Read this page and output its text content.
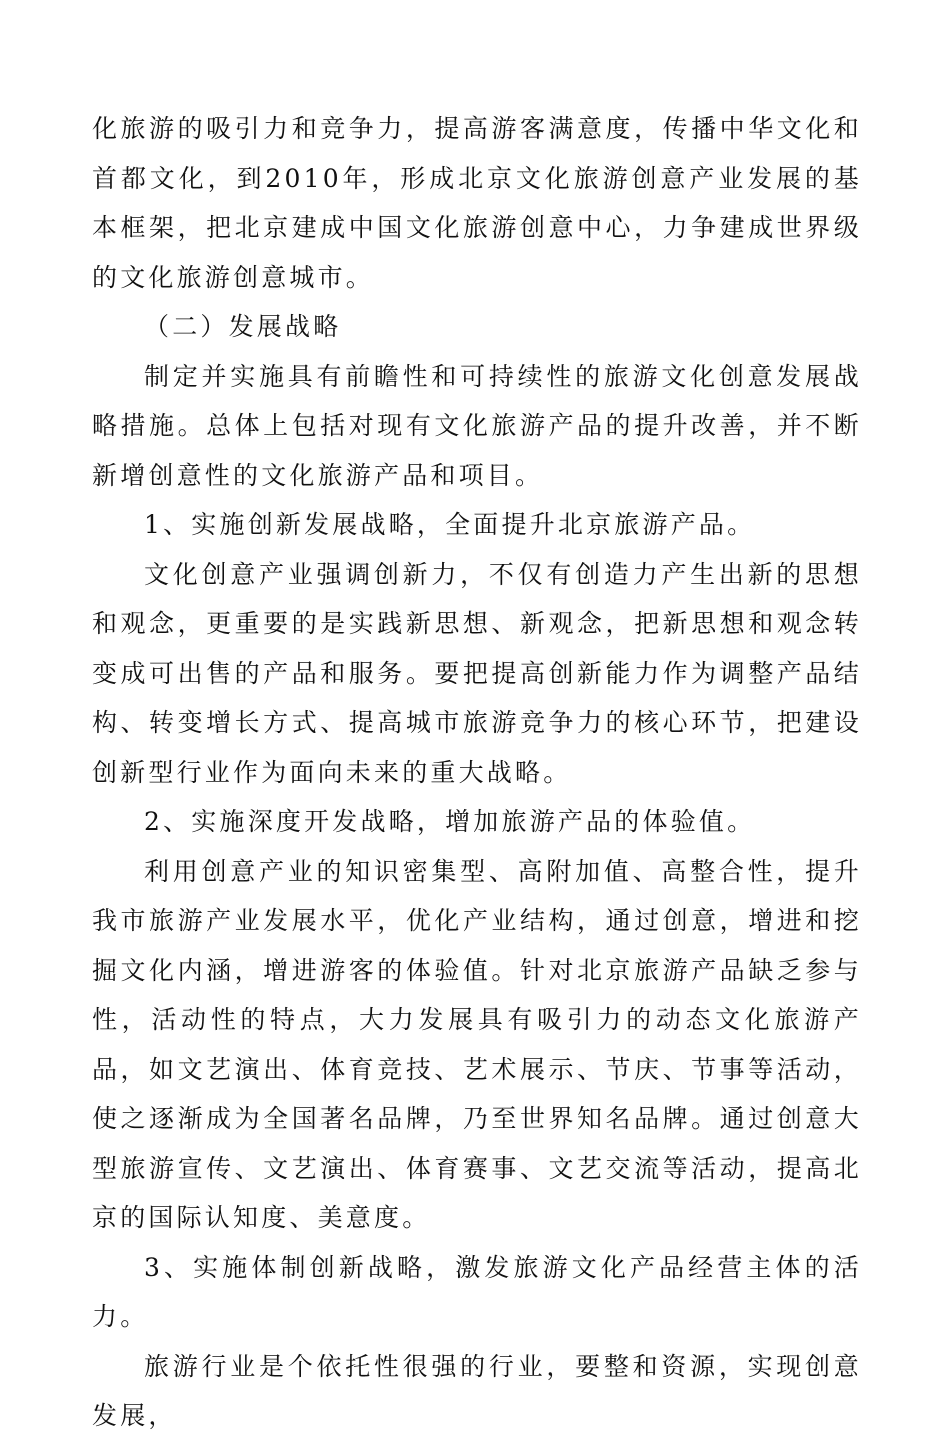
化旅游的吸引力和竞争力，提高游客满意度，传播中华文化和首都文化，到2010年，形成北京文化旅游创意产业发展的基本框架，把北京建成中国文化旅游创意中心，力争建成世界级的文化旅游创意城市。

（二）发展战略

制定并实施具有前瞻性和可持续性的旅游文化创意发展战略措施。总体上包括对现有文化旅游产品的提升改善，并不断新增创意性的文化旅游产品和项目。

1、实施创新发展战略，全面提升北京旅游产品。

文化创意产业强调创新力，不仅有创造力产生出新的思想和观念，更重要的是实践新思想、新观念，把新思想和观念转变成可出售的产品和服务。要把提高创新能力作为调整产品结构、转变增长方式、提高城市旅游竞争力的核心环节，把建设创新型行业作为面向未来的重大战略。

2、实施深度开发战略，增加旅游产品的体验值。

利用创意产业的知识密集型、高附加值、高整合性，提升我市旅游产业发展水平，优化产业结构，通过创意，增进和挖掘文化内涵，增进游客的体验值。针对北京旅游产品缺乏参与性，活动性的特点，大力发展具有吸引力的动态文化旅游产品，如文艺演出、体育竞技、艺术展示、节庆、节事等活动，使之逐渐成为全国著名品牌，乃至世界知名品牌。通过创意大型旅游宣传、文艺演出、体育赛事、文艺交流等活动，提高北京的国际认知度、美意度。

3、实施体制创新战略，激发旅游文化产品经营主体的活力。

旅游行业是个依托性很强的行业，要整和资源，实现创意发展，
